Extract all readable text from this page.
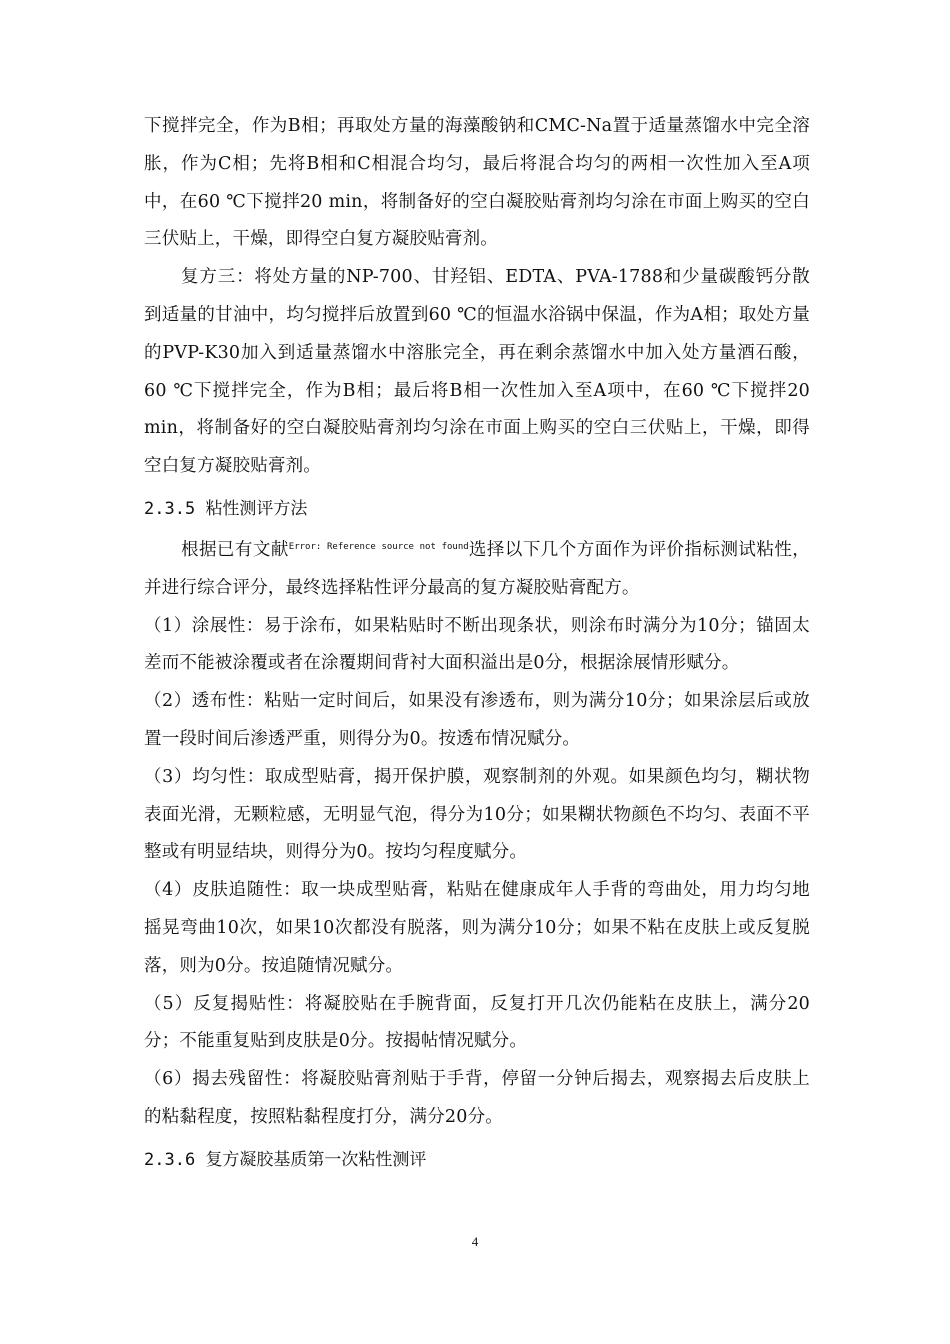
下搅拌完全，作为B相；再取处方量的海藻酸钠和CMC-Na置于适量蒸馏水中完全溶胀，作为C相；先将B相和C相混合均匀，最后将混合均匀的两相一次性加入至A项中，在60 ℃下搅拌20 min，将制备好的空白凝胶贴膏剂均匀涂在市面上购买的空白三伏贴上，干燥，即得空白复方凝胶贴膏剂。

复方三：将处方量的NP-700、甘羟铝、EDTA、PVA-1788和少量碳酸钙分散到适量的甘油中，均匀搅拌后放置到60 ℃的恒温水浴锅中保温，作为A相；取处方量的PVP-K30加入到适量蒸馏水中溶胀完全，再在剩余蒸馏水中加入处方量酒石酸，60 ℃下搅拌完全，作为B相；最后将B相一次性加入至A项中，在60 ℃下搅拌20 min，将制备好的空白凝胶贴膏剂均匀涂在市面上购买的空白三伏贴上，干燥，即得空白复方凝胶贴膏剂。

2.3.5 粘性测评方法

根据已有文献$^{Error: Reference source not found}$选择以下几个方面作为评价指标测试粘性，并进行综合评分，最终选择粘性评分最高的复方凝胶贴膏配方。

（1）涂展性：易于涂布，如果粘贴时不断出现条状，则涂布时满分为10分；锚固太差而不能被涂覆或者在涂覆期间背衬大面积溢出是0分，根据涂展情形赋分。

（2）透布性：粘贴一定时间后，如果没有渗透布，则为满分10分；如果涂层后或放置一段时间后渗透严重，则得分为0。按透布情况赋分。

（3）均匀性：取成型贴膏，揭开保护膜，观察制剂的外观。如果颜色均匀，糊状物表面光滑，无颗粒感，无明显气泡，得分为10分；如果糊状物颜色不均匀、表面不平整或有明显结块，则得分为0。按均匀程度赋分。

（4）皮肤追随性：取一块成型贴膏，粘贴在健康成年人手背的弯曲处，用力均匀地摇晃弯曲10次，如果10次都没有脱落，则为满分10分；如果不粘在皮肤上或反复脱落，则为0分。按追随情况赋分。

（5）反复揭贴性：将凝胶贴在手腕背面，反复打开几次仍能粘在皮肤上，满分20分；不能重复贴到皮肤是0分。按揭帖情况赋分。

（6）揭去残留性：将凝胶贴膏剂贴于手背，停留一分钟后揭去，观察揭去后皮肤上的粘黏程度，按照粘黏程度打分，满分20分。

2.3.6 复方凝胶基质第一次粘性测评
4
